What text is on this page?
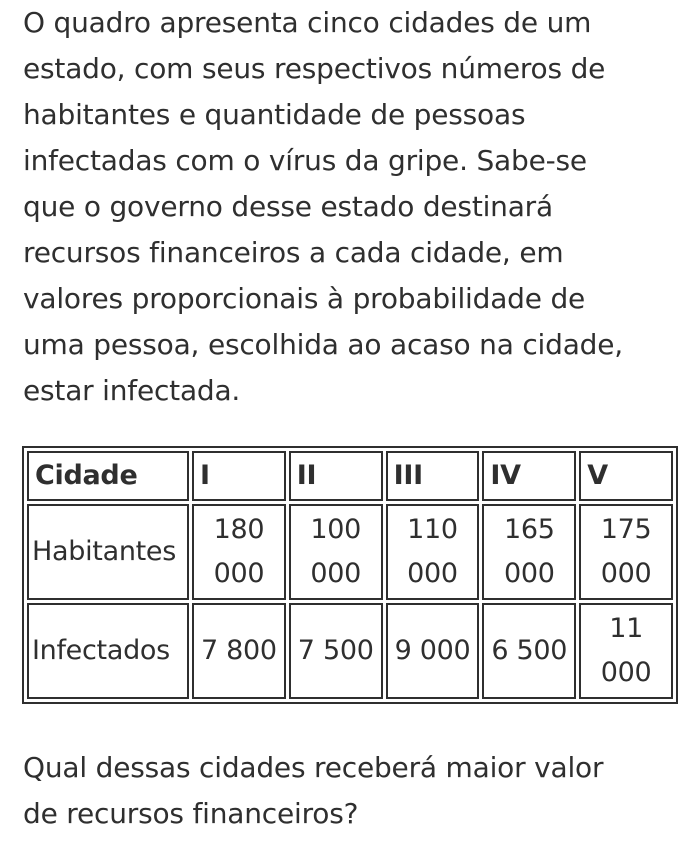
O quadro apresenta cinco cidades de um
estado, com seus respectivos números de
habitantes e quantidade de pessoas
infectadas com o vírus da gripe. Sabe-se
que o governo desse estado destinará
recursos financeiros a cada cidade, em
valores proporcionais à probabilidade de
uma pessoa, escolhida ao acaso na cidade,
estar infectada.

Cidade	I	II	III	IV	V
Habitantes	180 000	100 000	110 000	165 000	175 000
Infectados	7 800	7 500	9 000	6 500	11 000

Qual dessas cidades receberá maior valor
de recursos financeiros?
